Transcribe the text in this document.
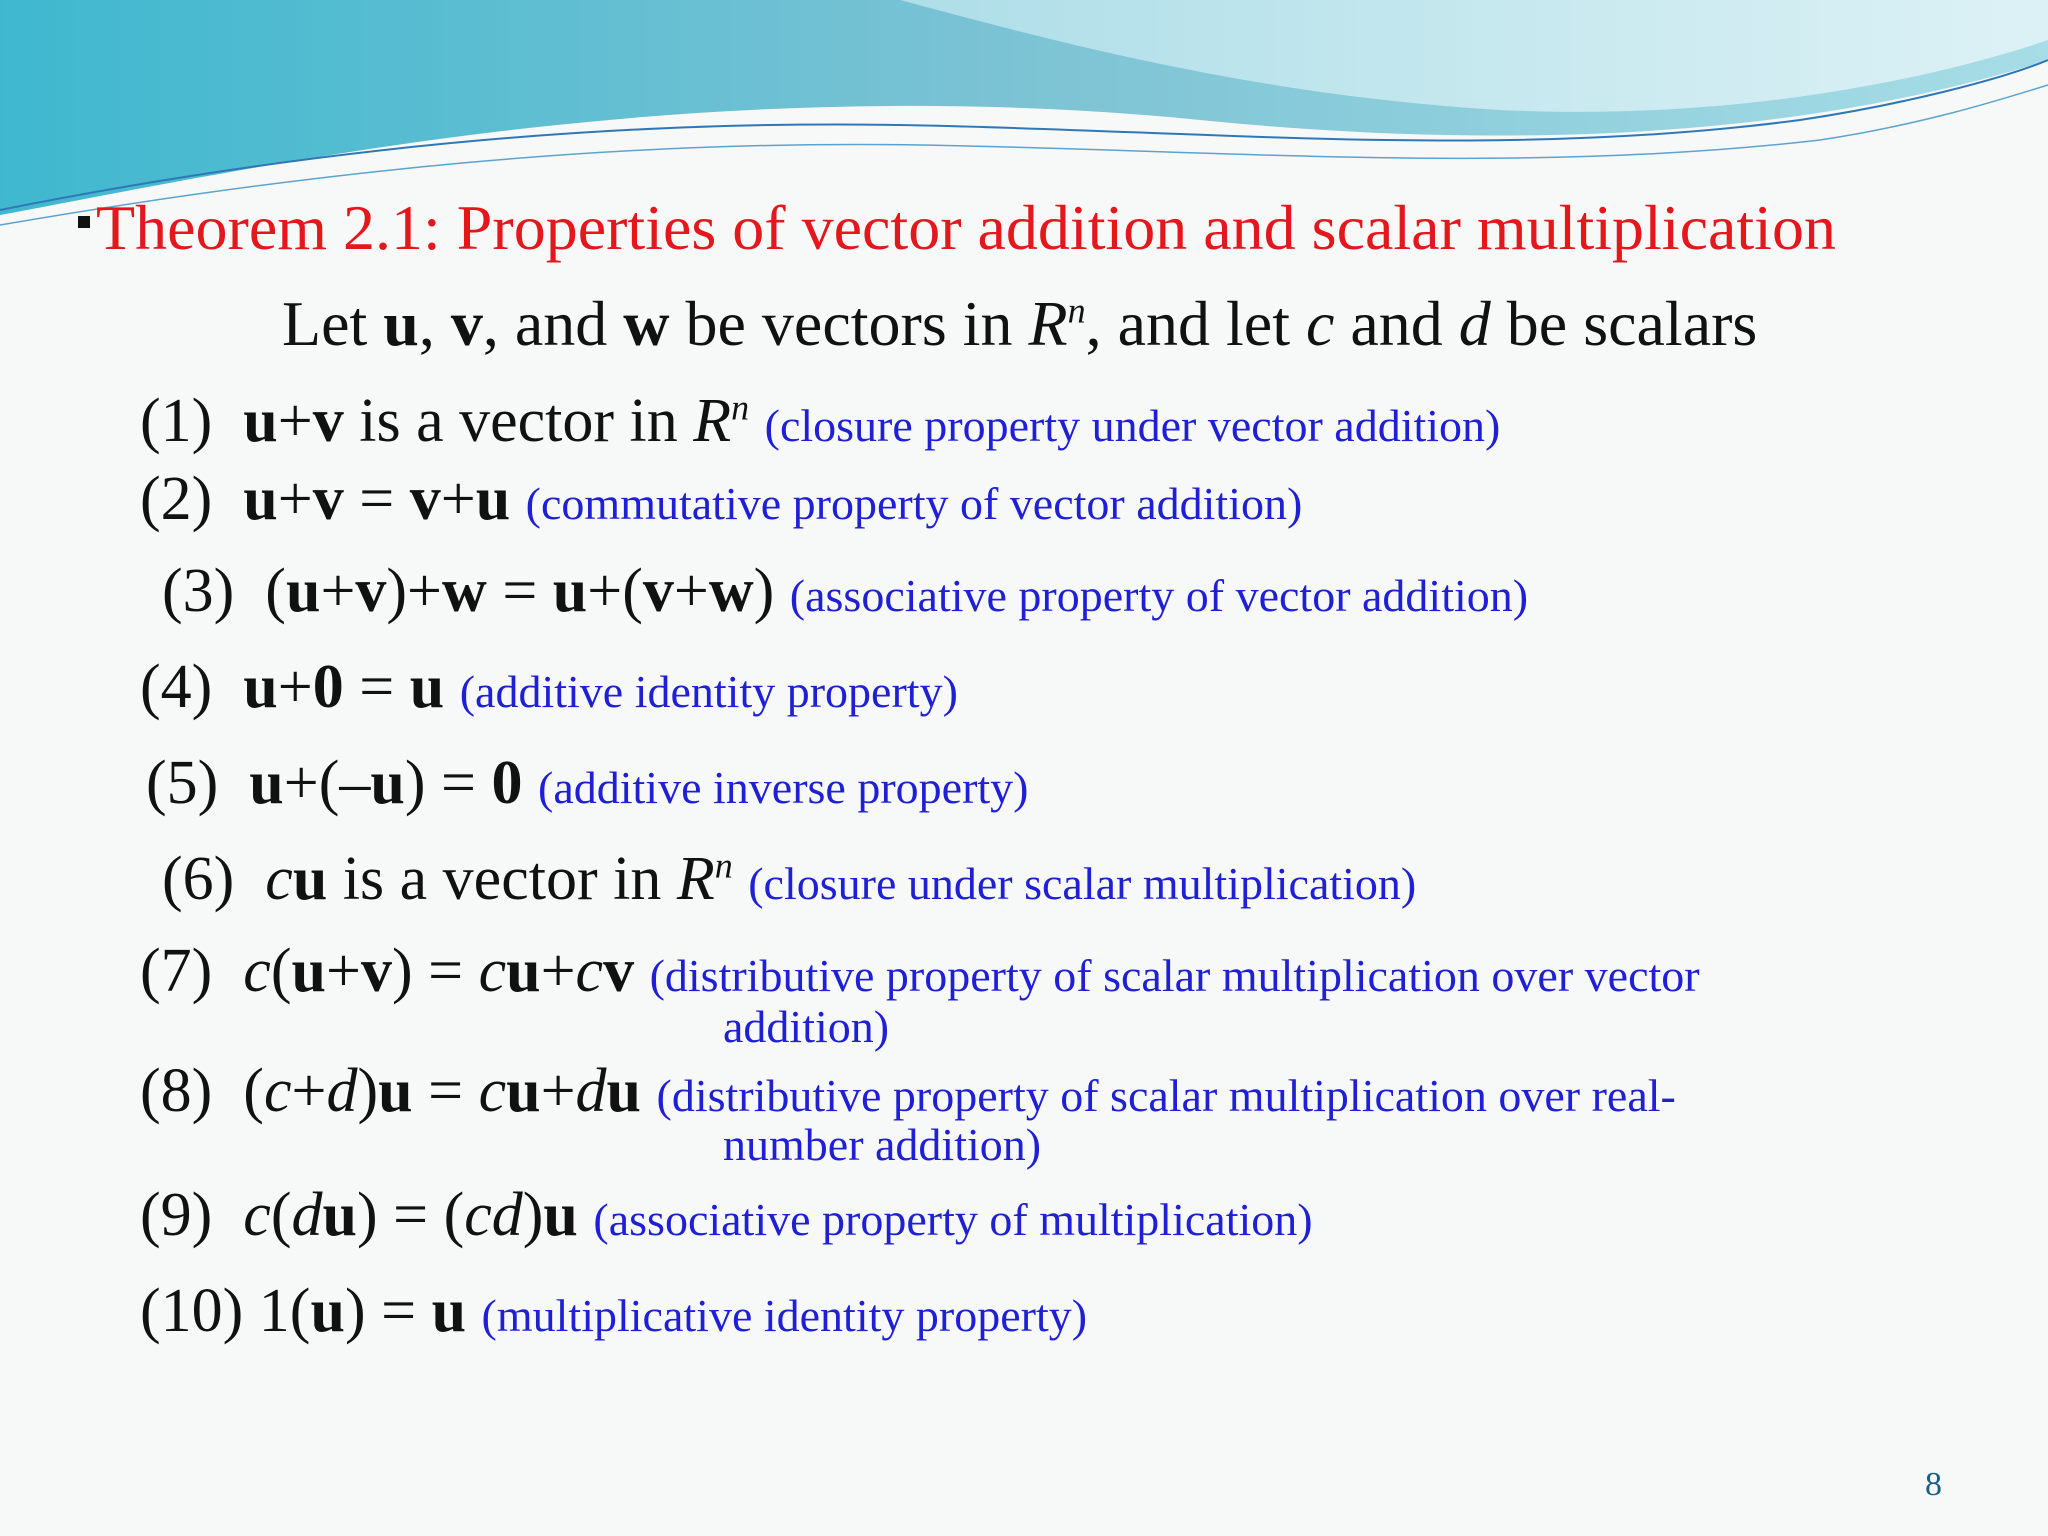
Theorem 2.1: Properties of vector addition and scalar multiplication
Let u, v, and w be vectors in $R^n$, and let c and d be scalars
(1) u+v is a vector in $R^n$ (closure property under vector addition)
(2) u+v = v+u (commutative property of vector addition)
(3)  (u+v)+w = u+(v+w) (associative property of vector addition)
(4) u+0 = u (additive identity property)
(5) u+(–u) = 0 (additive inverse property)
(6) cu is a vector in $R^n$ (closure under scalar multiplication)
(7) c(u+v) = cu+cv (distributive property of scalar multiplication over vector
addition)
(8)  (c+d)u = cu+du (distributive property of scalar multiplication over real-
number addition)
(9) c(du) = (cd)u (associative property of multiplication)
(10) 1(u) = u (multiplicative identity property)
8
